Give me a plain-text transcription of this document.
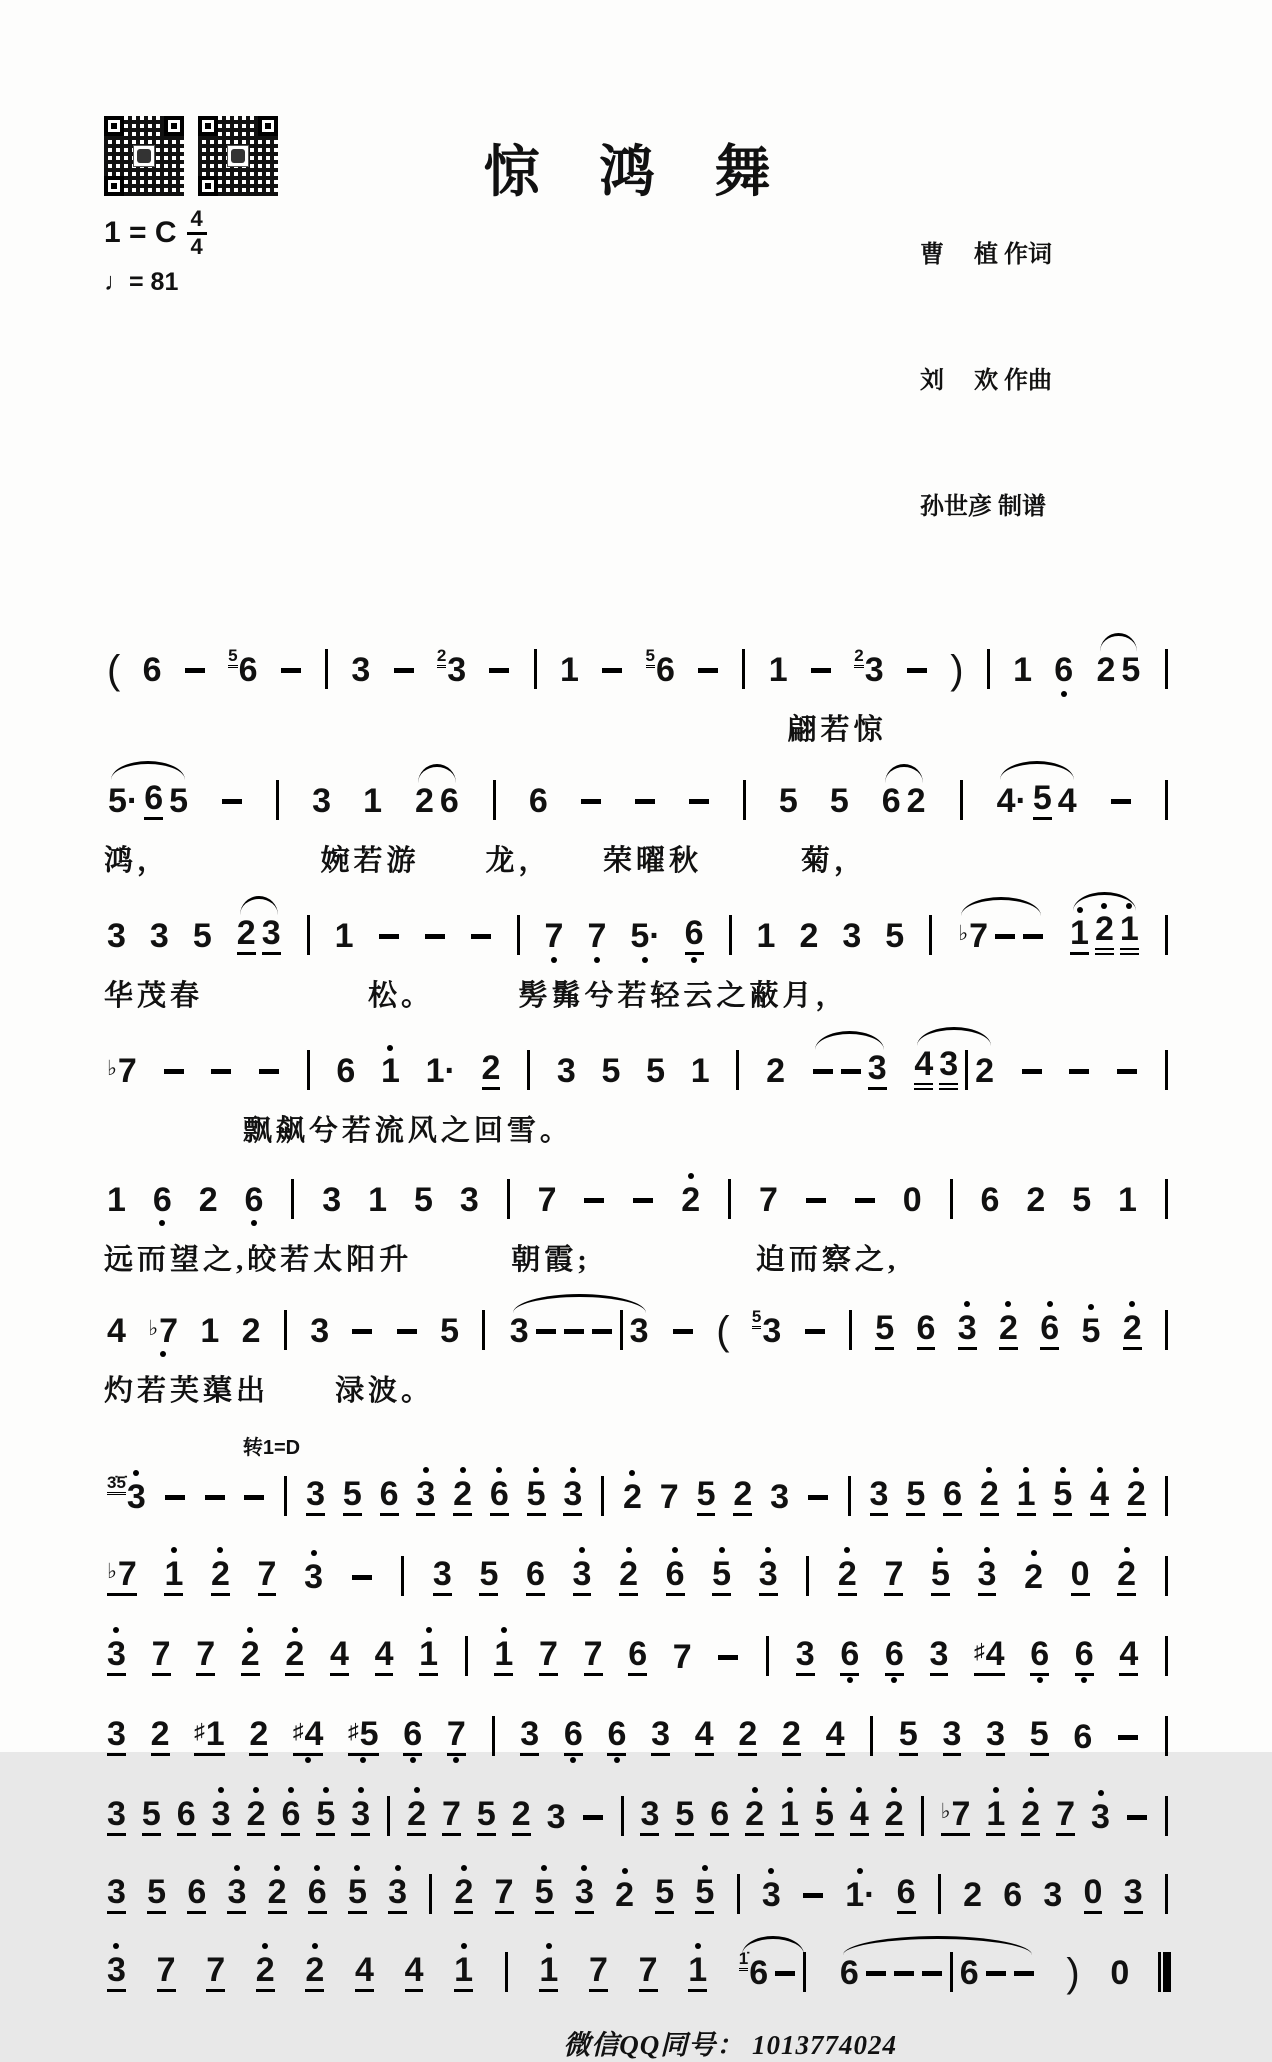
1 = C $\frac{4}{4}$
♩= 81
惊 鸿 舞

曹　 植 作词

刘　 欢 作曲

孙世彦 制谱

( 6	5 6	3	2 3	1	5 6	1	2 3 ) 1 6 2 5
翩若惊
5· 6 5	3 1 2 6 6	5 5 6 2 4· 5 4
鸿，　　　　　婉若游　　龙，　　荣曜秋　　　菊，
3 3 5 2 3 1	7 7 5· 6 1 2 3 5	♭7 1 2 1
华茂春　　　　　松。　　　髣髴兮若轻云之蔽月，
♭7	6 1 1· 2 3 5 5 1 2 3 4 3 2
飘飙兮若流风之回雪。
1 6 2 6 3 1 5 3 7	2 7	0 6 2 5 1
远而望之,皎若太阳升　　　朝霞;　　　　　迫而察之,
4 ♭7 1 2 3	5 3	3 ( 5 3	5 6 3 2 6 5 2
灼若芙蕖出　　渌波。
转1=D
3̇5̇ 3	3 5 6 3 2 6 5 3 2 7 5 2 3 3 5 6 2 1 5 4 2
♭7 1 2 7 3	3 5 6 3 2 6 5 3 2 7 5 3 2 0 2
3 7 7 2 2 4 4 1 1 7 7 6 7	3 6 6 3 ♯4 6 6 4
3 2 ♯1 2 ♯4 ♯5 6 7 3 6 6 3 4 2 2 4 5 3 3 5 6
3 5 6 3 2 6 5 3 2 7 5 2 3 3 5 6 2 1 5 4 2 ♭7 1 2 7 3
3 5 6 3 2 6 5 3 2 7 5 3 2 5 5 3 1· 6 2 6 3 0 3
3 7 7 2 2 4 4 1 1 7 7 1 1̇ 6 6	6 ) 0
微信QQ同号： 1013774024
